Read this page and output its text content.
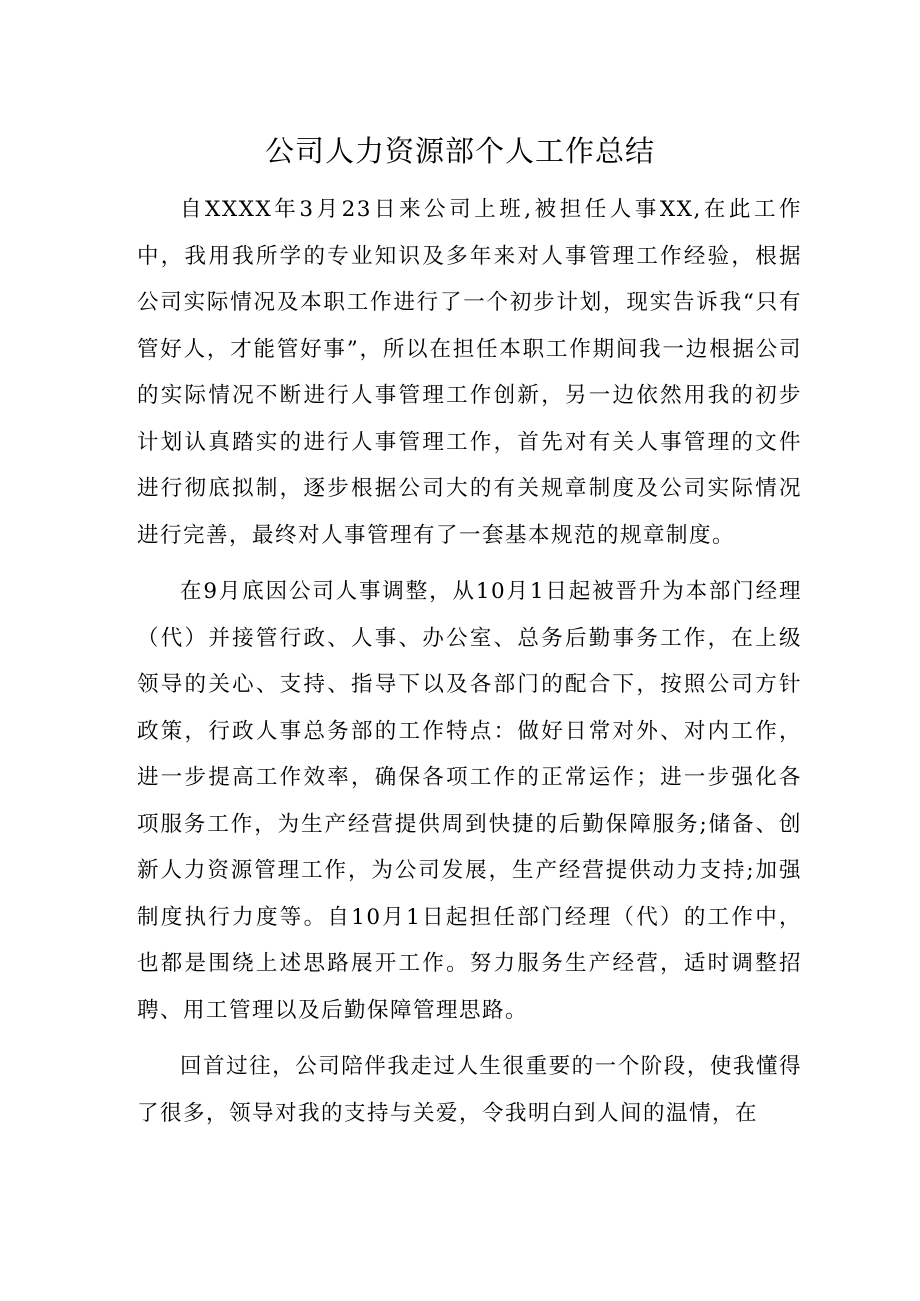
公司人力资源部个人工作总结

自XXXX年3月23日来公司上班,被担任人事XX,在此工作中，我用我所学的专业知识及多年来对人事管理工作经验，根据公司实际情况及本职工作进行了一个初步计划，现实告诉我“只有管好人，才能管好事”，所以在担任本职工作期间我一边根据公司的实际情况不断进行人事管理工作创新，另一边依然用我的初步计划认真踏实的进行人事管理工作，首先对有关人事管理的文件进行彻底拟制，逐步根据公司大的有关规章制度及公司实际情况进行完善，最终对人事管理有了一套基本规范的规章制度。

在9月底因公司人事调整，从10月1日起被晋升为本部门经理（代）并接管行政、人事、办公室、总务后勤事务工作，在上级领导的关心、支持、指导下以及各部门的配合下，按照公司方针政策，行政人事总务部的工作特点：做好日常对外、对内工作，进一步提高工作效率，确保各项工作的正常运作；进一步强化各项服务工作，为生产经营提供周到快捷的后勤保障服务;储备、创新人力资源管理工作，为公司发展，生产经营提供动力支持;加强制度执行力度等。自10月1日起担任部门经理（代）的工作中，也都是围绕上述思路展开工作。努力服务生产经营，适时调整招聘、用工管理以及后勤保障管理思路。

回首过往，公司陪伴我走过人生很重要的一个阶段，使我懂得了很多，领导对我的支持与关爱，令我明白到人间的温情，在
